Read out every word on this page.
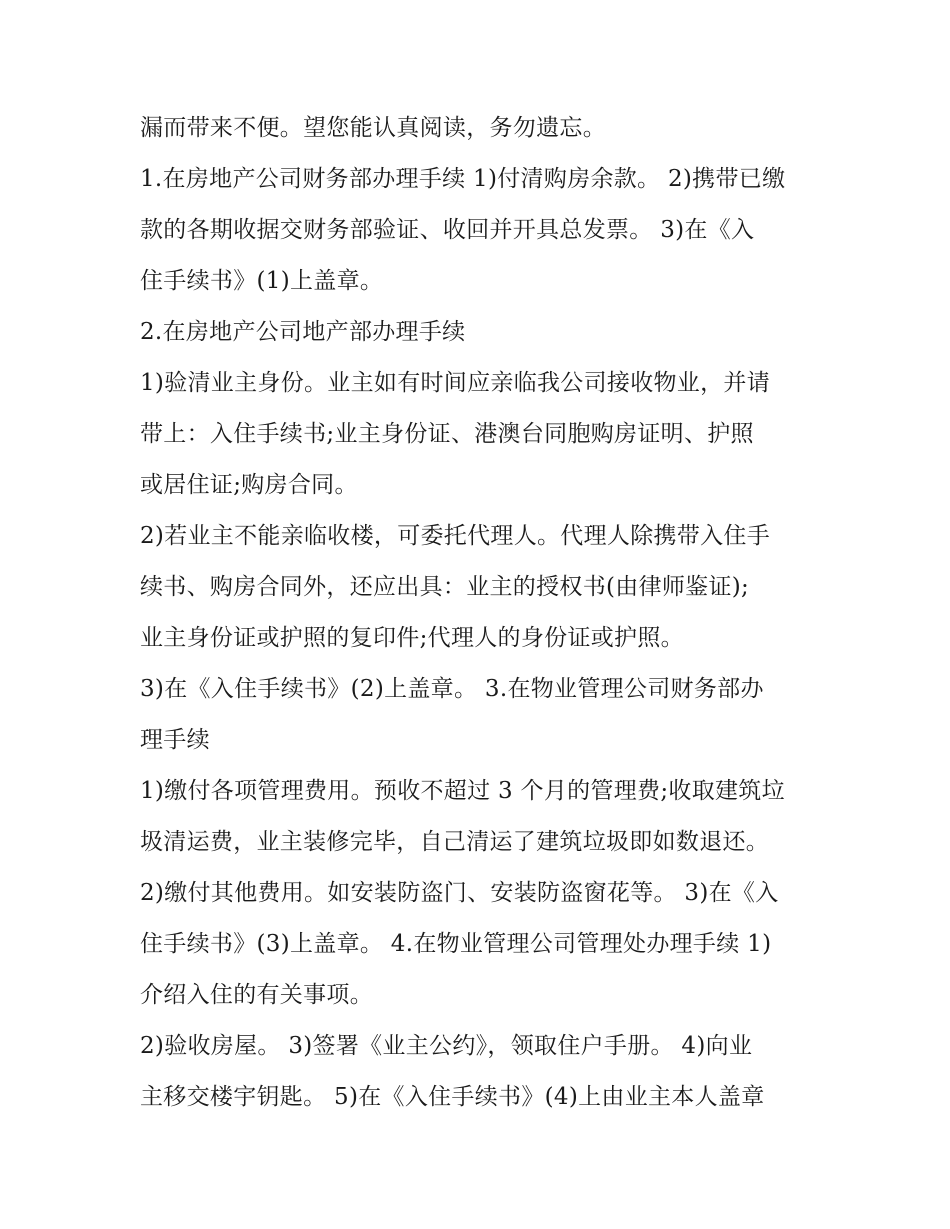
漏而带来不便。望您能认真阅读，务勿遗忘。
1.在房地产公司财务部办理手续 1)付清购房余款。 2)携带已缴
款的各期收据交财务部验证、收回并开具总发票。 3)在《入
住手续书》(1)上盖章。
2.在房地产公司地产部办理手续
1)验清业主身份。业主如有时间应亲临我公司接收物业，并请
带上：入住手续书;业主身份证、港澳台同胞购房证明、护照
或居住证;购房合同。
2)若业主不能亲临收楼，可委托代理人。代理人除携带入住手
续书、购房合同外，还应出具：业主的授权书(由律师鉴证);
业主身份证或护照的复印件;代理人的身份证或护照。
3)在《入住手续书》(2)上盖章。 3.在物业管理公司财务部办
理手续
1)缴付各项管理费用。预收不超过 3 个月的管理费;收取建筑垃
圾清运费，业主装修完毕，自己清运了建筑垃圾即如数退还。
2)缴付其他费用。如安装防盗门、安装防盗窗花等。 3)在《入
住手续书》(3)上盖章。 4.在物业管理公司管理处办理手续 1)
介绍入住的有关事项。
2)验收房屋。 3)签署《业主公约》，领取住户手册。 4)向业
主移交楼宇钥匙。 5)在《入住手续书》(4)上由业主本人盖章
